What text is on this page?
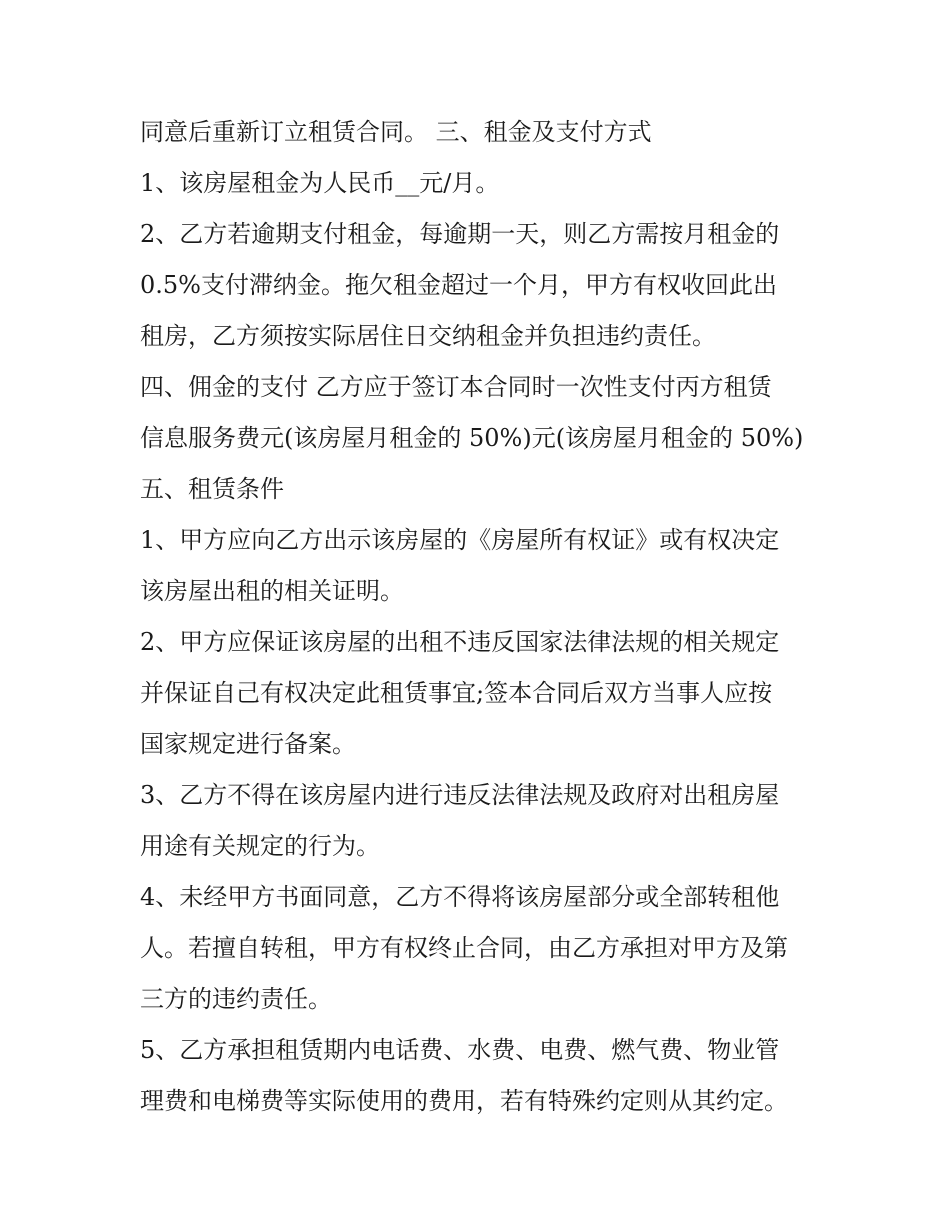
同意后重新订立租赁合同。 三、租金及支付方式
1、该房屋租金为人民币__元/月。
2、乙方若逾期支付租金，每逾期一天，则乙方需按月租金的
0.5%支付滞纳金。拖欠租金超过一个月，甲方有权收回此出
租房，乙方须按实际居住日交纳租金并负担违约责任。
四、佣金的支付 乙方应于签订本合同时一次性支付丙方租赁
信息服务费元(该房屋月租金的 50%)元(该房屋月租金的 50%)
五、租赁条件
1、甲方应向乙方出示该房屋的《房屋所有权证》或有权决定
该房屋出租的相关证明。
2、甲方应保证该房屋的出租不违反国家法律法规的相关规定
并保证自己有权决定此租赁事宜;签本合同后双方当事人应按
国家规定进行备案。
3、乙方不得在该房屋内进行违反法律法规及政府对出租房屋
用途有关规定的行为。
4、未经甲方书面同意，乙方不得将该房屋部分或全部转租他
人。若擅自转租，甲方有权终止合同，由乙方承担对甲方及第
三方的违约责任。
5、乙方承担租赁期内电话费、水费、电费、燃气费、物业管
理费和电梯费等实际使用的费用，若有特殊约定则从其约定。
